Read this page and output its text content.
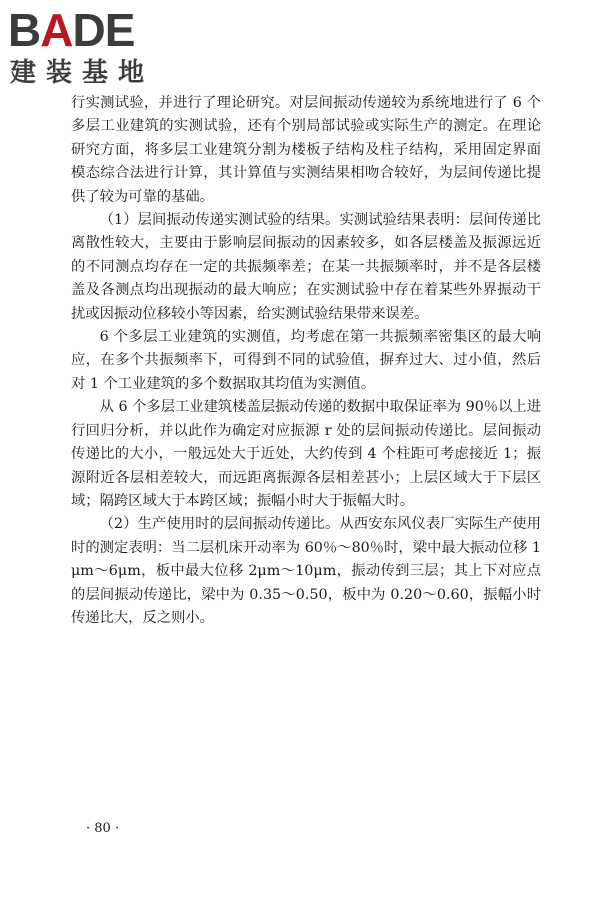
BADE
建装基地

行实测试验，并进行了理论研究。对层间振动传递较为系统地进行了 6 个多层工业建筑的实测试验，还有个别局部试验或实际生产的测定。在理论研究方面，将多层工业建筑分割为楼板子结构及柱子结构，采用固定界面模态综合法进行计算，其计算值与实测结果相吻合较好，为层间传递比提供了较为可靠的基础。

（1）层间振动传递实测试验的结果。实测试验结果表明：层间传递比离散性较大，主要由于影响层间振动的因素较多，如各层楼盖及振源远近的不同测点均存在一定的共振频率差；在某一共振频率时，并不是各层楼盖及各测点均出现振动的最大响应；在实测试验中存在着某些外界振动干扰或因振动位移较小等因素，给实测试验结果带来误差。

6 个多层工业建筑的实测值，均考虑在第一共振频率密集区的最大响应，在多个共振频率下，可得到不同的试验值，摒弃过大、过小值，然后对 1 个工业建筑的多个数据取其均值为实测值。

从 6 个多层工业建筑楼盖层振动传递的数据中取保证率为 90％以上进行回归分析，并以此作为确定对应振源 r 处的层间振动传递比。层间振动传递比的大小，一般远处大于近处，大约传到 4 个柱距可考虑接近 1；振源附近各层相差较大，而远距离振源各层相差甚小；上层区域大于下层区域；隔跨区域大于本跨区域；振幅小时大于振幅大时。

（2）生产使用时的层间振动传递比。从西安东风仪表厂实际生产使用时的测定表明：当二层机床开动率为 60％～80％时，梁中最大振动位移 1μm～6μm，板中最大位移 2μm～10μm，振动传到三层；其上下对应点的层间振动传递比，梁中为 0.35～0.50，板中为 0.20～0.60，振幅小时传递比大，反之则小。

· 80 ·
